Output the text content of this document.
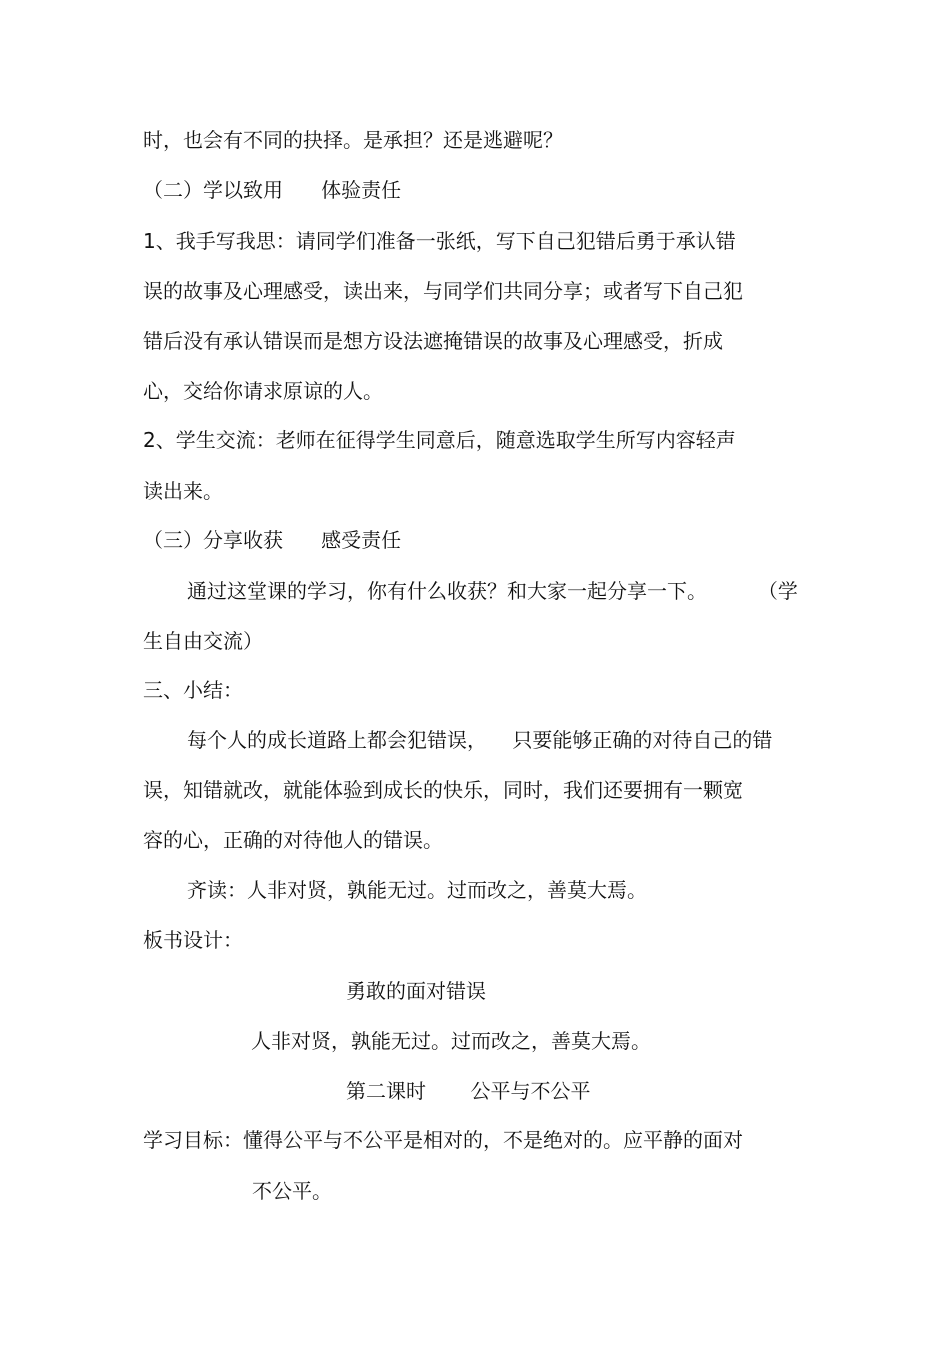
时，也会有不同的抉择。是承担？还是逃避呢？

（二）学以致用      体验责任

1、我手写我思：请同学们准备一张纸，写下自己犯错后勇于承认错

误的故事及心理感受，读出来，与同学们共同分享；或者写下自己犯

错后没有承认错误而是想方设法遮掩错误的故事及心理感受，折成

心，交给你请求原谅的人。

2、学生交流：老师在征得学生同意后，随意选取学生所写内容轻声

读出来。

（三）分享收获      感受责任

通过这堂课的学习，你有什么收获？和大家一起分享一下。        （学

生自由交流）

三、小结：

每个人的成长道路上都会犯错误，    只要能够正确的对待自己的错

误，知错就改，就能体验到成长的快乐，同时，我们还要拥有一颗宽

容的心，正确的对待他人的错误。

齐读：人非对贤，孰能无过。过而改之，善莫大焉。

板书设计：

勇敢的面对错误

人非对贤，孰能无过。过而改之，善莫大焉。

第二课时       公平与不公平

学习目标：懂得公平与不公平是相对的，不是绝对的。应平静的面对

不公平。
